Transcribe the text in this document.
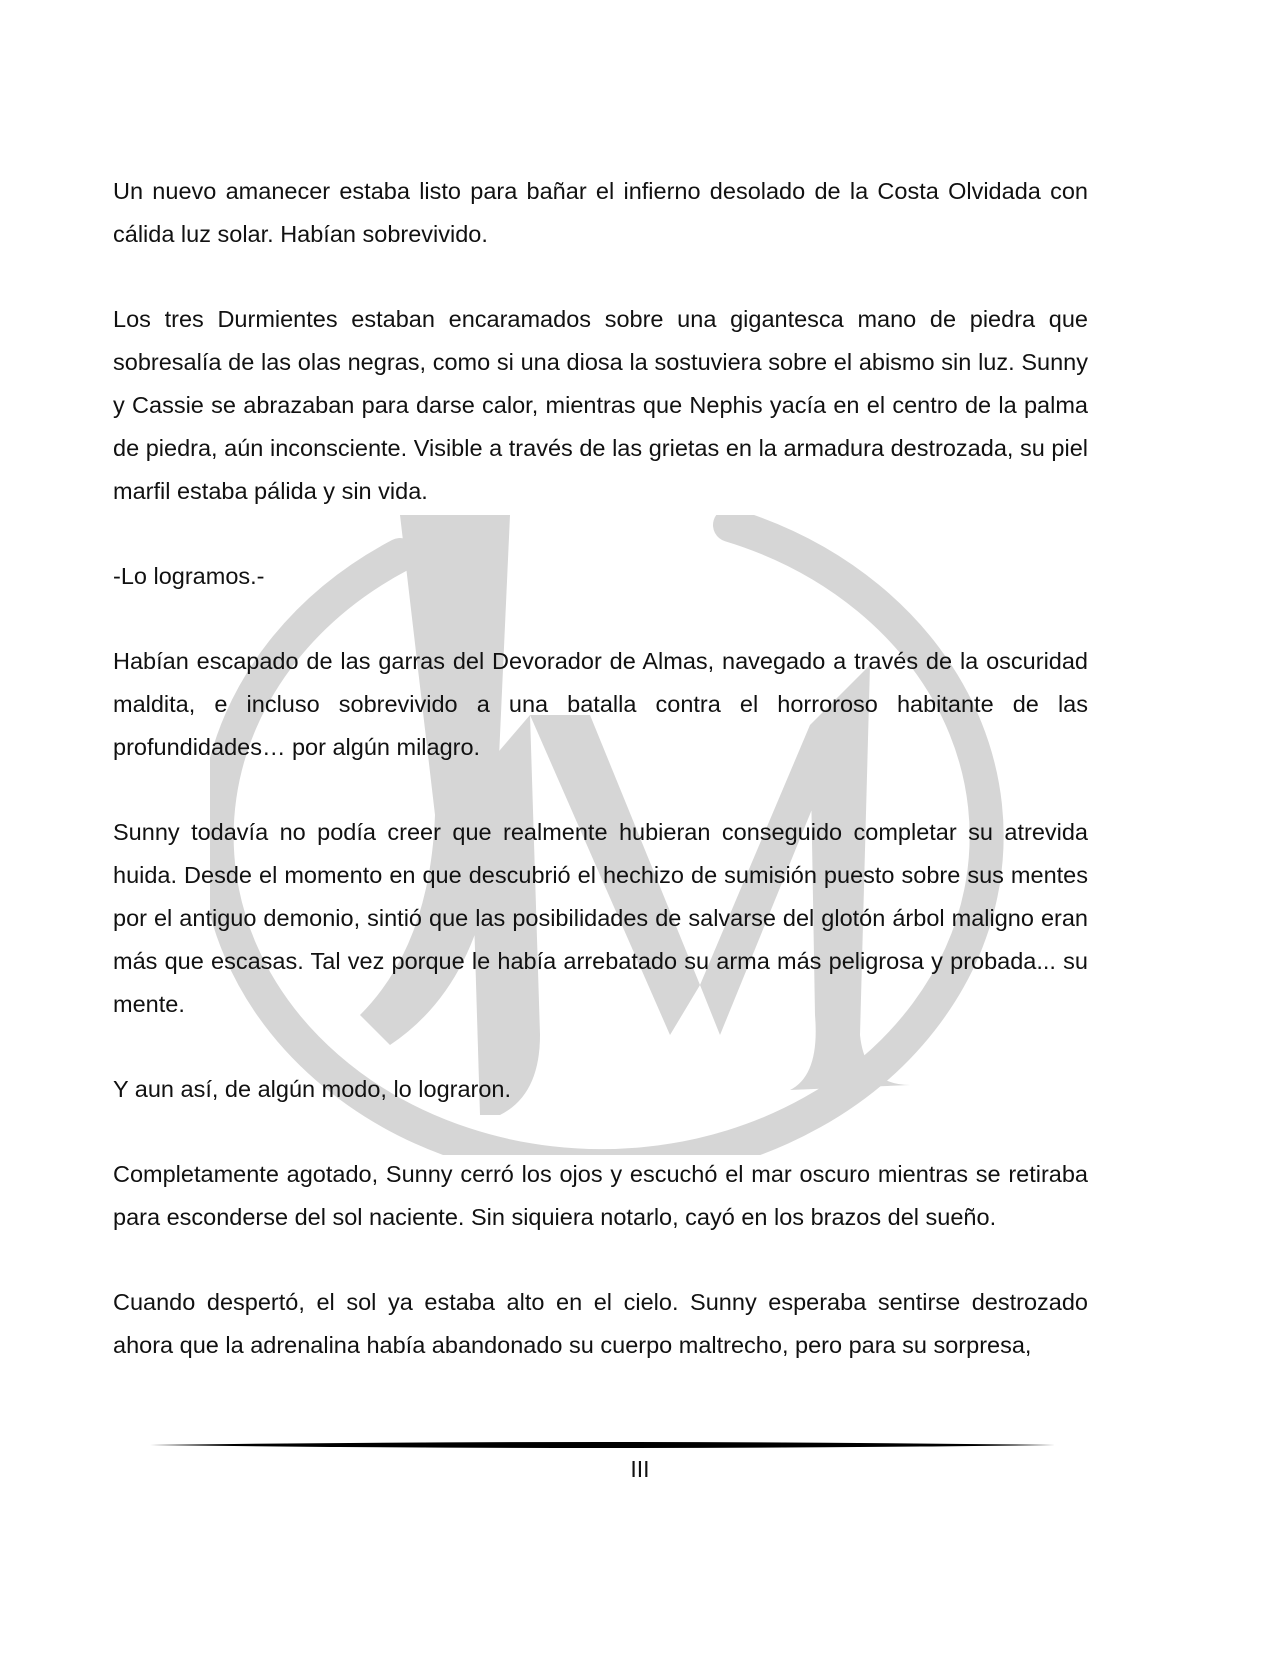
Un nuevo amanecer estaba listo para bañar el infierno desolado de la Costa Olvidada con cálida luz solar. Habían sobrevivido.

Los tres Durmientes estaban encaramados sobre una gigantesca mano de piedra que sobresalía de las olas negras, como si una diosa la sostuviera sobre el abismo sin luz. Sunny y Cassie se abrazaban para darse calor, mientras que Nephis yacía en el centro de la palma de piedra, aún inconsciente. Visible a través de las grietas en la armadura destrozada, su piel marfil estaba pálida y sin vida.

-Lo logramos.-

Habían escapado de las garras del Devorador de Almas, navegado a través de la oscuridad maldita, e incluso sobrevivido a una batalla contra el horroroso habitante de las profundidades… por algún milagro.

Sunny todavía no podía creer que realmente hubieran conseguido completar su atrevida huida. Desde el momento en que descubrió el hechizo de sumisión puesto sobre sus mentes por el antiguo demonio, sintió que las posibilidades de salvarse del glotón árbol maligno eran más que escasas. Tal vez porque le había arrebatado su arma más peligrosa y probada... su mente.

Y aun así, de algún modo, lo lograron.

Completamente agotado, Sunny cerró los ojos y escuchó el mar oscuro mientras se retiraba para esconderse del sol naciente. Sin siquiera notarlo, cayó en los brazos del sueño.

Cuando despertó, el sol ya estaba alto en el cielo. Sunny esperaba sentirse destrozado ahora que la adrenalina había abandonado su cuerpo maltrecho, pero para su sorpresa,

III
